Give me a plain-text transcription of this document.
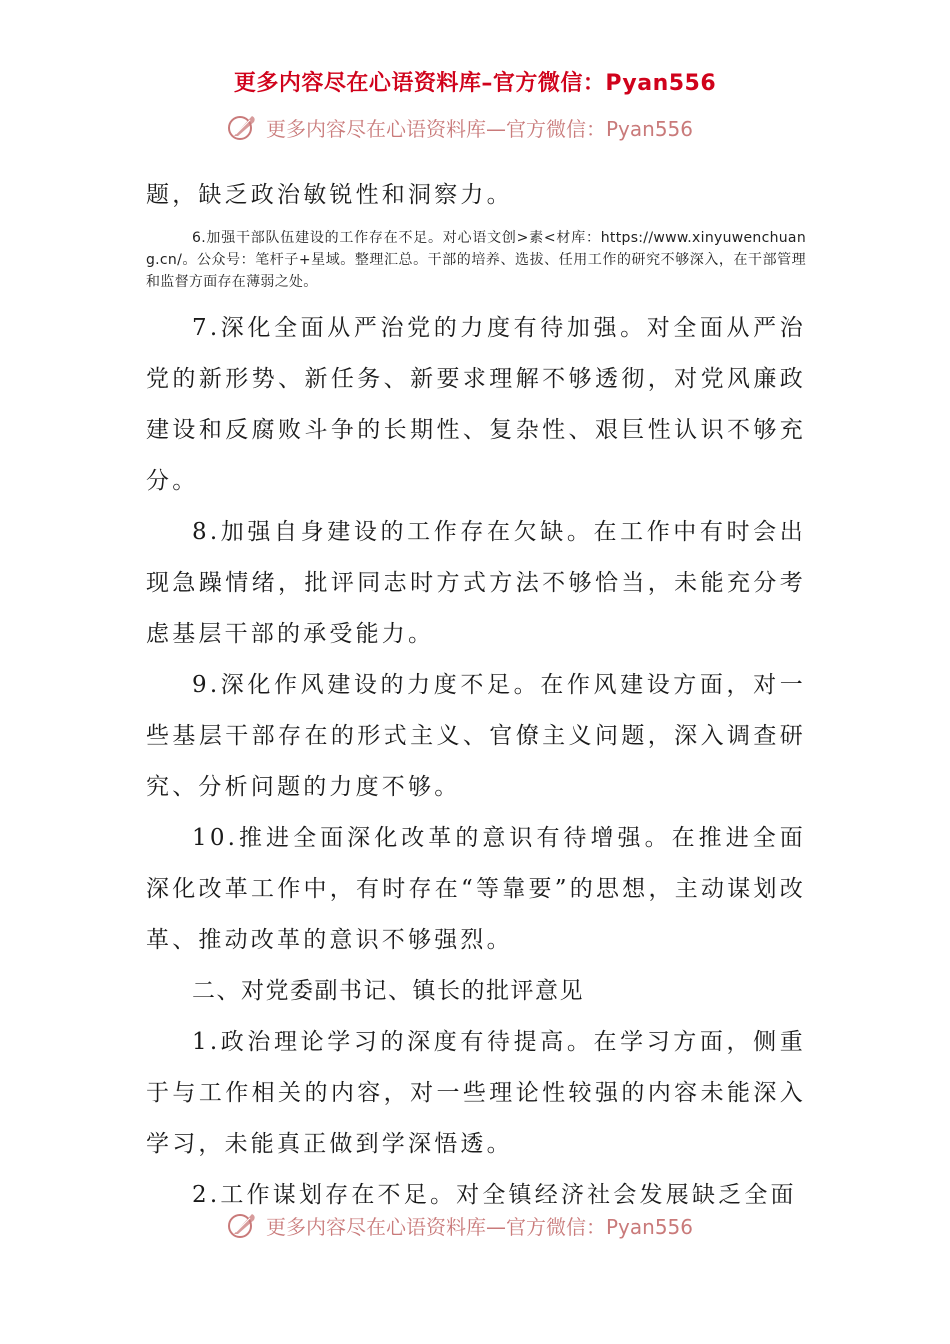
更多内容尽在心语资料库–官方微信：Pyan556
更多内容尽在心语资料库—官方微信：Pyan556

题，缺乏政治敏锐性和洞察力。

6.加强干部队伍建设的工作存在不足。对心语文创>素<材库：https://www.xinyuwenchuang.cn/。公众号：笔杆子+星域。整理汇总。干部的培养、选拔、任用工作的研究不够深入，在干部管理和监督方面存在薄弱之处。

7.深化全面从严治党的力度有待加强。对全面从严治党的新形势、新任务、新要求理解不够透彻，对党风廉政建设和反腐败斗争的长期性、复杂性、艰巨性认识不够充分。

8.加强自身建设的工作存在欠缺。在工作中有时会出现急躁情绪，批评同志时方式方法不够恰当，未能充分考虑基层干部的承受能力。

9.深化作风建设的力度不足。在作风建设方面，对一些基层干部存在的形式主义、官僚主义问题，深入调查研究、分析问题的力度不够。

10.推进全面深化改革的意识有待增强。在推进全面深化改革工作中，有时存在“等靠要”的思想，主动谋划改革、推动改革的意识不够强烈。

二、对党委副书记、镇长的批评意见

1.政治理论学习的深度有待提高。在学习方面，侧重于与工作相关的内容，对一些理论性较强的内容未能深入学习，未能真正做到学深悟透。

2.工作谋划存在不足。对全镇经济社会发展缺乏全面

更多内容尽在心语资料库—官方微信：Pyan556
